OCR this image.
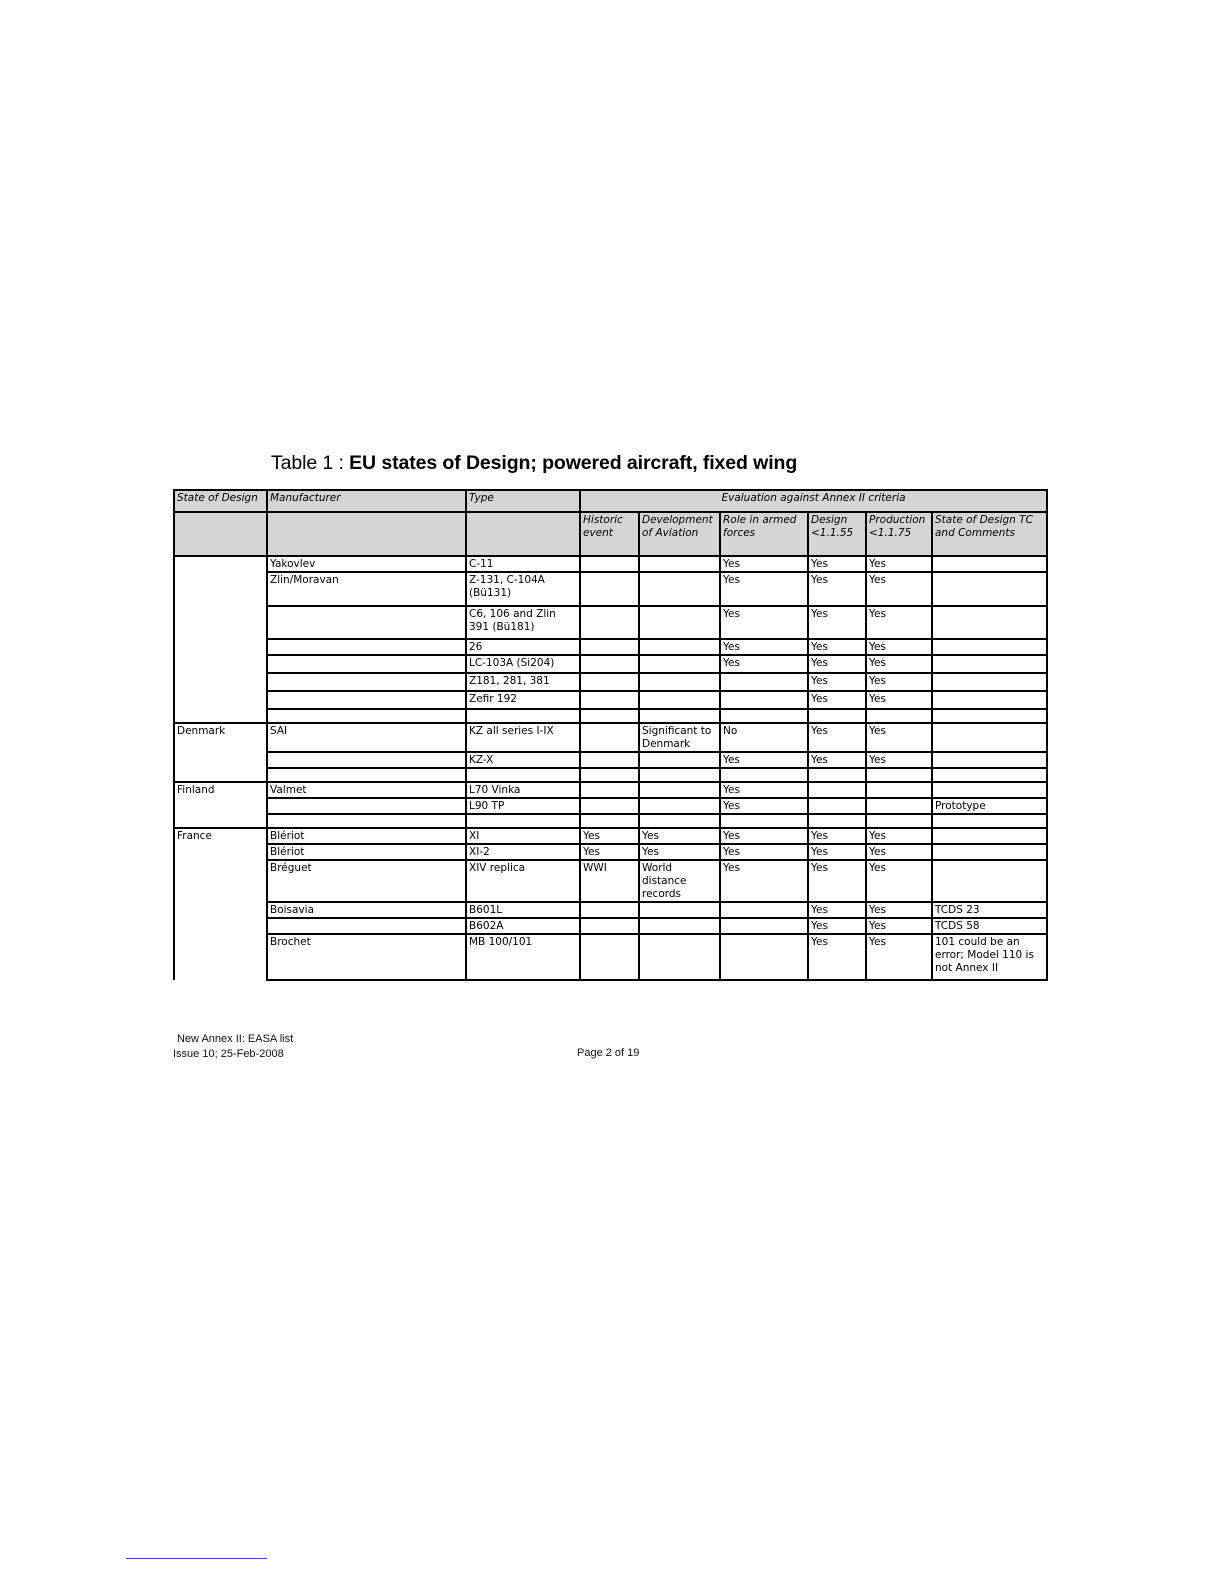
Table 1 : EU states of Design; powered aircraft, fixed wing
State of Design	Manufacturer	Type	Evaluation against Annex II criteria					
			Historic event	Development of Aviation	Role in armed forces	Design <1.1.55	Production <1.1.75	State of Design TC and Comments
	Yakovlev	C-11			Yes	Yes	Yes	
	Zlin/Moravan	Z-131, C-104A (Bü131)			Yes	Yes	Yes	
		C6, 106 and Zlin 391 (Bü181)			Yes	Yes	Yes	
		26			Yes	Yes	Yes	
		LC-103A (Si204)			Yes	Yes	Yes	
		Z181, 281, 381				Yes	Yes	
		Zefir 192				Yes	Yes	

Denmark	SAI	KZ all series I-IX		Significant to Denmark	No	Yes	Yes	
		KZ-X			Yes	Yes	Yes	

Finland	Valmet	L70 Vinka			Yes			
		L90 TP			Yes			Prototype

France	Blériot	XI	Yes	Yes	Yes	Yes	Yes	
	Blériot	XI-2	Yes	Yes	Yes	Yes	Yes	
	Bréguet	XIV replica	WWI	World distance records	Yes	Yes	Yes	
	Boisavia	B601L				Yes	Yes	TCDS 23
		B602A				Yes	Yes	TCDS 58
	Brochet	MB 100/101				Yes	Yes	101 could be an error; Model 110 is not Annex II
New Annex II: EASA list
Issue 10; 25-Feb-2008	Page 2 of 19
